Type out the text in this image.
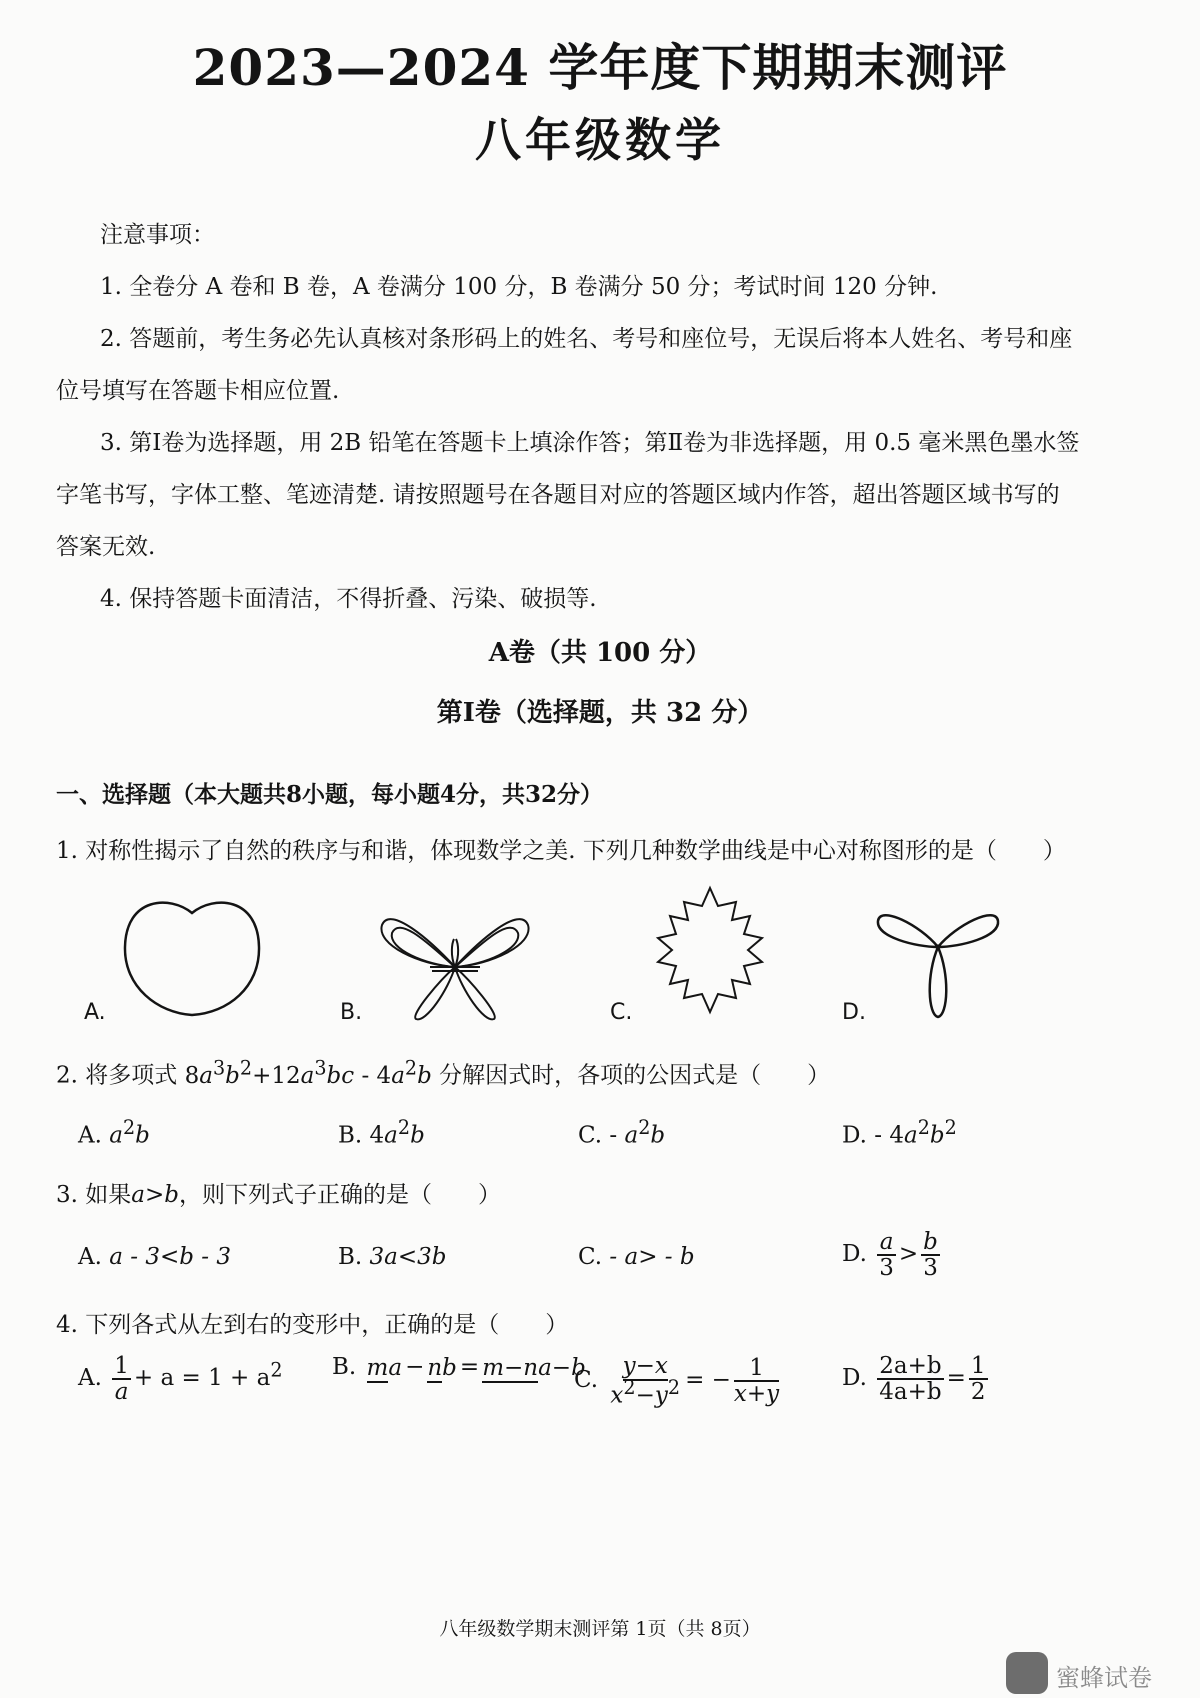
2023—2024 学年度下期期末测评
八年级数学
注意事项：
1. 全卷分 A 卷和 B 卷，A 卷满分 100 分，B 卷满分 50 分；考试时间 120 分钟.
2. 答题前，考生务必先认真核对条形码上的姓名、考号和座位号，无误后将本人姓名、考号和座
位号填写在答题卡相应位置.
3. 第Ⅰ卷为选择题，用 2B 铅笔在答题卡上填涂作答；第Ⅱ卷为非选择题，用 0.5 毫米黑色墨水签
字笔书写，字体工整、笔迹清楚. 请按照题号在各题目对应的答题区域内作答，超出答题区域书写的
答案无效.
4. 保持答题卡面清洁，不得折叠、污染、破损等.
A卷（共 100 分）
第Ⅰ卷（选择题，共 32 分）
一、选择题（本大题共8小题，每小题4分，共32分）
1. 对称性揭示了自然的秩序与和谐，体现数学之美. 下列几种数学曲线是中心对称图形的是（　　）
A.	B.	C.	D.
2. 将多项式 $8a^3b^2+12a^3bc - 4a^2b$ 分解因式时，各项的公因式是（　　）
A. $a^2b$	B. $4a^2b$	C. - $a^2b$	D. - $4a^2b^2$
3. 如果a>b，则下列式子正确的是（　　）
A. a - 3<b - 3	B. 3a<3b	C. - a> - b	D. $\frac{a}{3} > \frac{b}{3}$
4. 下列各式从左到右的变形中，正确的是（　　）
A. $\frac{1}{a} + a = 1 + a^2$ B. ma − nb = m−na−b
C. $\frac{y-x}{x^2-y^2}$ = − $\frac{1}{x+y}$	D. $\frac{2a+b}{4a+b} = \frac{1}{2}$
八年级数学期末测评第 1页（共 8页）
蜜蜂试卷
